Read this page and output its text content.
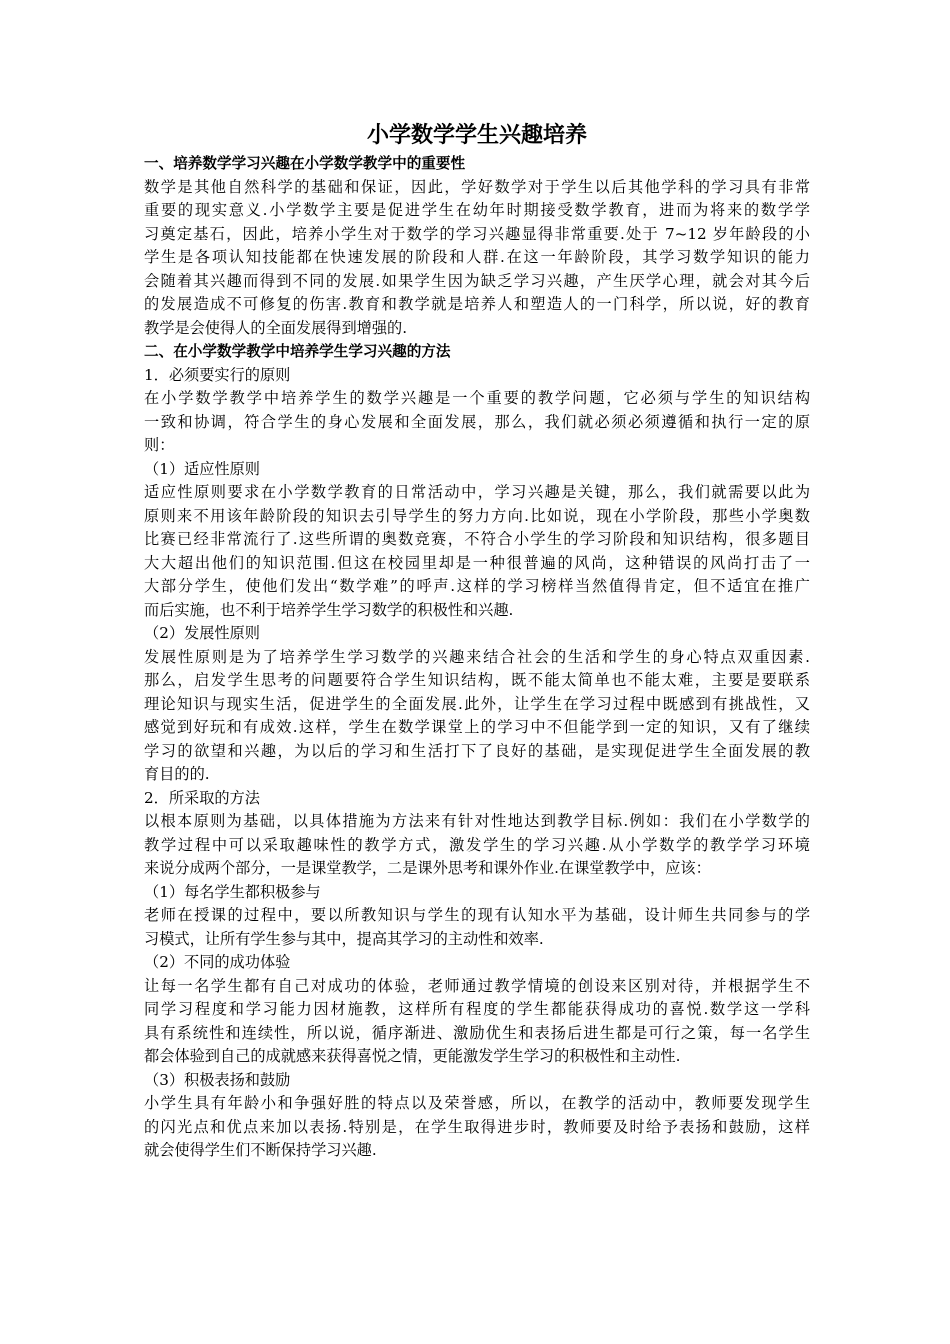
小学数学学生兴趣培养
一、培养数学学习兴趣在小学数学教学中的重要性
数学是其他自然科学的基础和保证，因此，学好数学对于学生以后其他学科的学习具有非常
重要的现实意义.小学数学主要是促进学生在幼年时期接受数学教育，进而为将来的数学学
习奠定基石，因此，培养小学生对于数学的学习兴趣显得非常重要.处于 7~12 岁年龄段的小
学生是各项认知技能都在快速发展的阶段和人群.在这一年龄阶段，其学习数学知识的能力
会随着其兴趣而得到不同的发展.如果学生因为缺乏学习兴趣，产生厌学心理，就会对其今后
的发展造成不可修复的伤害.教育和教学就是培养人和塑造人的一门科学，所以说，好的教育
教学是会使得人的全面发展得到增强的.
二、在小学数学教学中培养学生学习兴趣的方法
1．必须要实行的原则
在小学数学教学中培养学生的数学兴趣是一个重要的教学问题，它必须与学生的知识结构
一致和协调，符合学生的身心发展和全面发展，那么，我们就必须必须遵循和执行一定的原
则：
（1）适应性原则
适应性原则要求在小学数学教育的日常活动中，学习兴趣是关键，那么，我们就需要以此为
原则来不用该年龄阶段的知识去引导学生的努力方向.比如说，现在小学阶段，那些小学奥数
比赛已经非常流行了.这些所谓的奥数竞赛，不符合小学生的学习阶段和知识结构，很多题目
大大超出他们的知识范围.但这在校园里却是一种很普遍的风尚，这种错误的风尚打击了一
大部分学生，使他们发出“数学难”的呼声.这样的学习榜样当然值得肯定，但不适宜在推广
而后实施，也不利于培养学生学习数学的积极性和兴趣.
（2）发展性原则
发展性原则是为了培养学生学习数学的兴趣来结合社会的生活和学生的身心特点双重因素.
那么，启发学生思考的问题要符合学生知识结构，既不能太简单也不能太难，主要是要联系
理论知识与现实生活，促进学生的全面发展.此外，让学生在学习过程中既感到有挑战性，又
感觉到好玩和有成效.这样，学生在数学课堂上的学习中不但能学到一定的知识，又有了继续
学习的欲望和兴趣，为以后的学习和生活打下了良好的基础，是实现促进学生全面发展的教
育目的的.
2．所采取的方法
以根本原则为基础，以具体措施为方法来有针对性地达到教学目标.例如：我们在小学数学的
教学过程中可以采取趣味性的教学方式，激发学生的学习兴趣.从小学数学的教学学习环境
来说分成两个部分，一是课堂教学，二是课外思考和课外作业.在课堂教学中，应该：
（1）每名学生都积极参与
老师在授课的过程中，要以所教知识与学生的现有认知水平为基础，设计师生共同参与的学
习模式，让所有学生参与其中，提高其学习的主动性和效率.
（2）不同的成功体验
让每一名学生都有自己对成功的体验，老师通过教学情境的创设来区别对待，并根据学生不
同学习程度和学习能力因材施教，这样所有程度的学生都能获得成功的喜悦.数学这一学科
具有系统性和连续性，所以说，循序渐进、激励优生和表扬后进生都是可行之策，每一名学生
都会体验到自己的成就感来获得喜悦之情，更能激发学生学习的积极性和主动性.
（3）积极表扬和鼓励
小学生具有年龄小和争强好胜的特点以及荣誉感，所以，在教学的活动中，教师要发现学生
的闪光点和优点来加以表扬.特别是，在学生取得进步时，教师要及时给予表扬和鼓励，这样
就会使得学生们不断保持学习兴趣.
